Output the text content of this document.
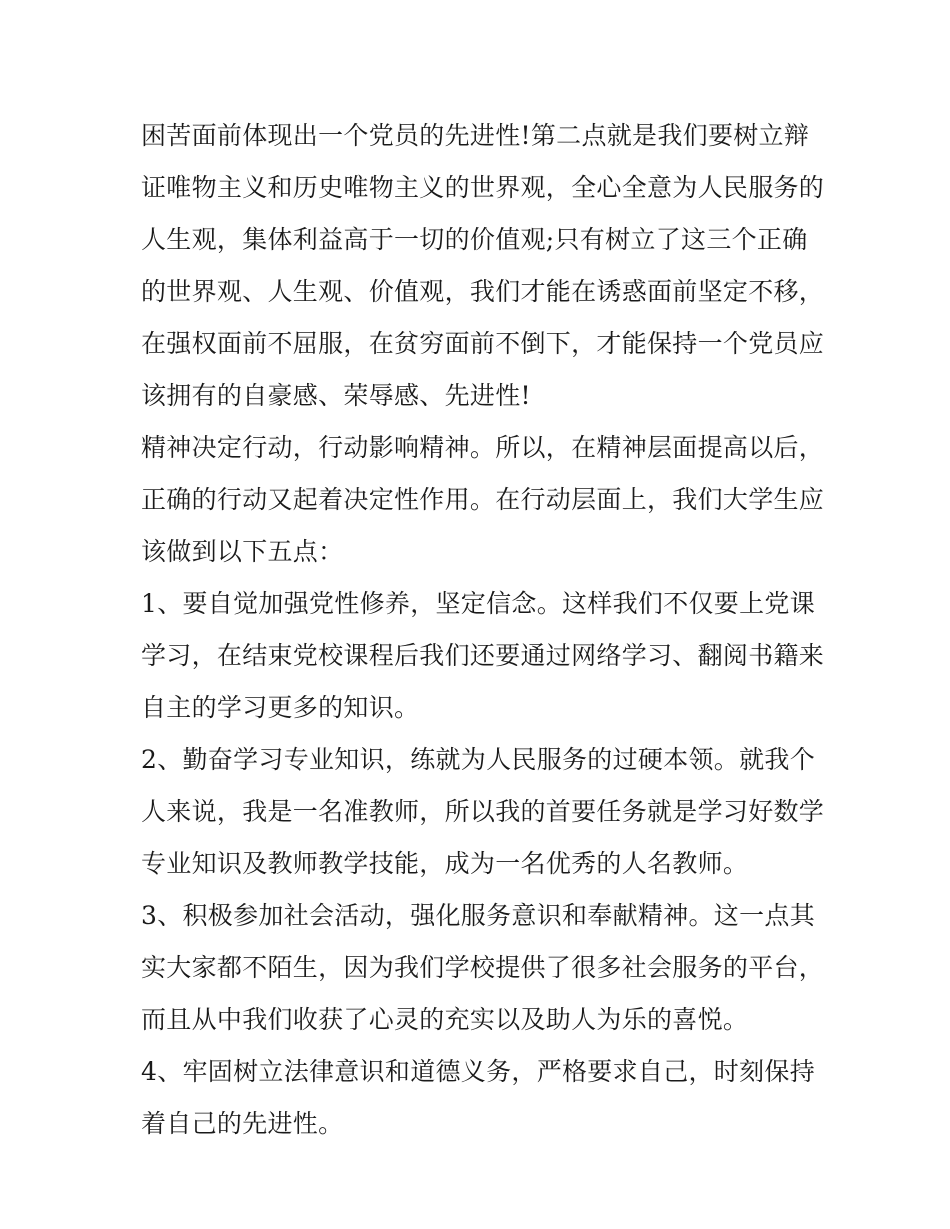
困苦面前体现出一个党员的先进性!第二点就是我们要树立辩
证唯物主义和历史唯物主义的世界观，全心全意为人民服务的
人生观，集体利益高于一切的价值观;只有树立了这三个正确
的世界观、人生观、价值观，我们才能在诱惑面前坚定不移，
在强权面前不屈服，在贫穷面前不倒下，才能保持一个党员应
该拥有的自豪感、荣辱感、先进性!
精神决定行动，行动影响精神。所以，在精神层面提高以后，
正确的行动又起着决定性作用。在行动层面上，我们大学生应
该做到以下五点：
1、要自觉加强党性修养，坚定信念。这样我们不仅要上党课
学习，在结束党校课程后我们还要通过网络学习、翻阅书籍来
自主的学习更多的知识。
2、勤奋学习专业知识，练就为人民服务的过硬本领。就我个
人来说，我是一名准教师，所以我的首要任务就是学习好数学
专业知识及教师教学技能，成为一名优秀的人名教师。
3、积极参加社会活动，强化服务意识和奉献精神。这一点其
实大家都不陌生，因为我们学校提供了很多社会服务的平台，
而且从中我们收获了心灵的充实以及助人为乐的喜悦。
4、牢固树立法律意识和道德义务，严格要求自己，时刻保持
着自己的先进性。
